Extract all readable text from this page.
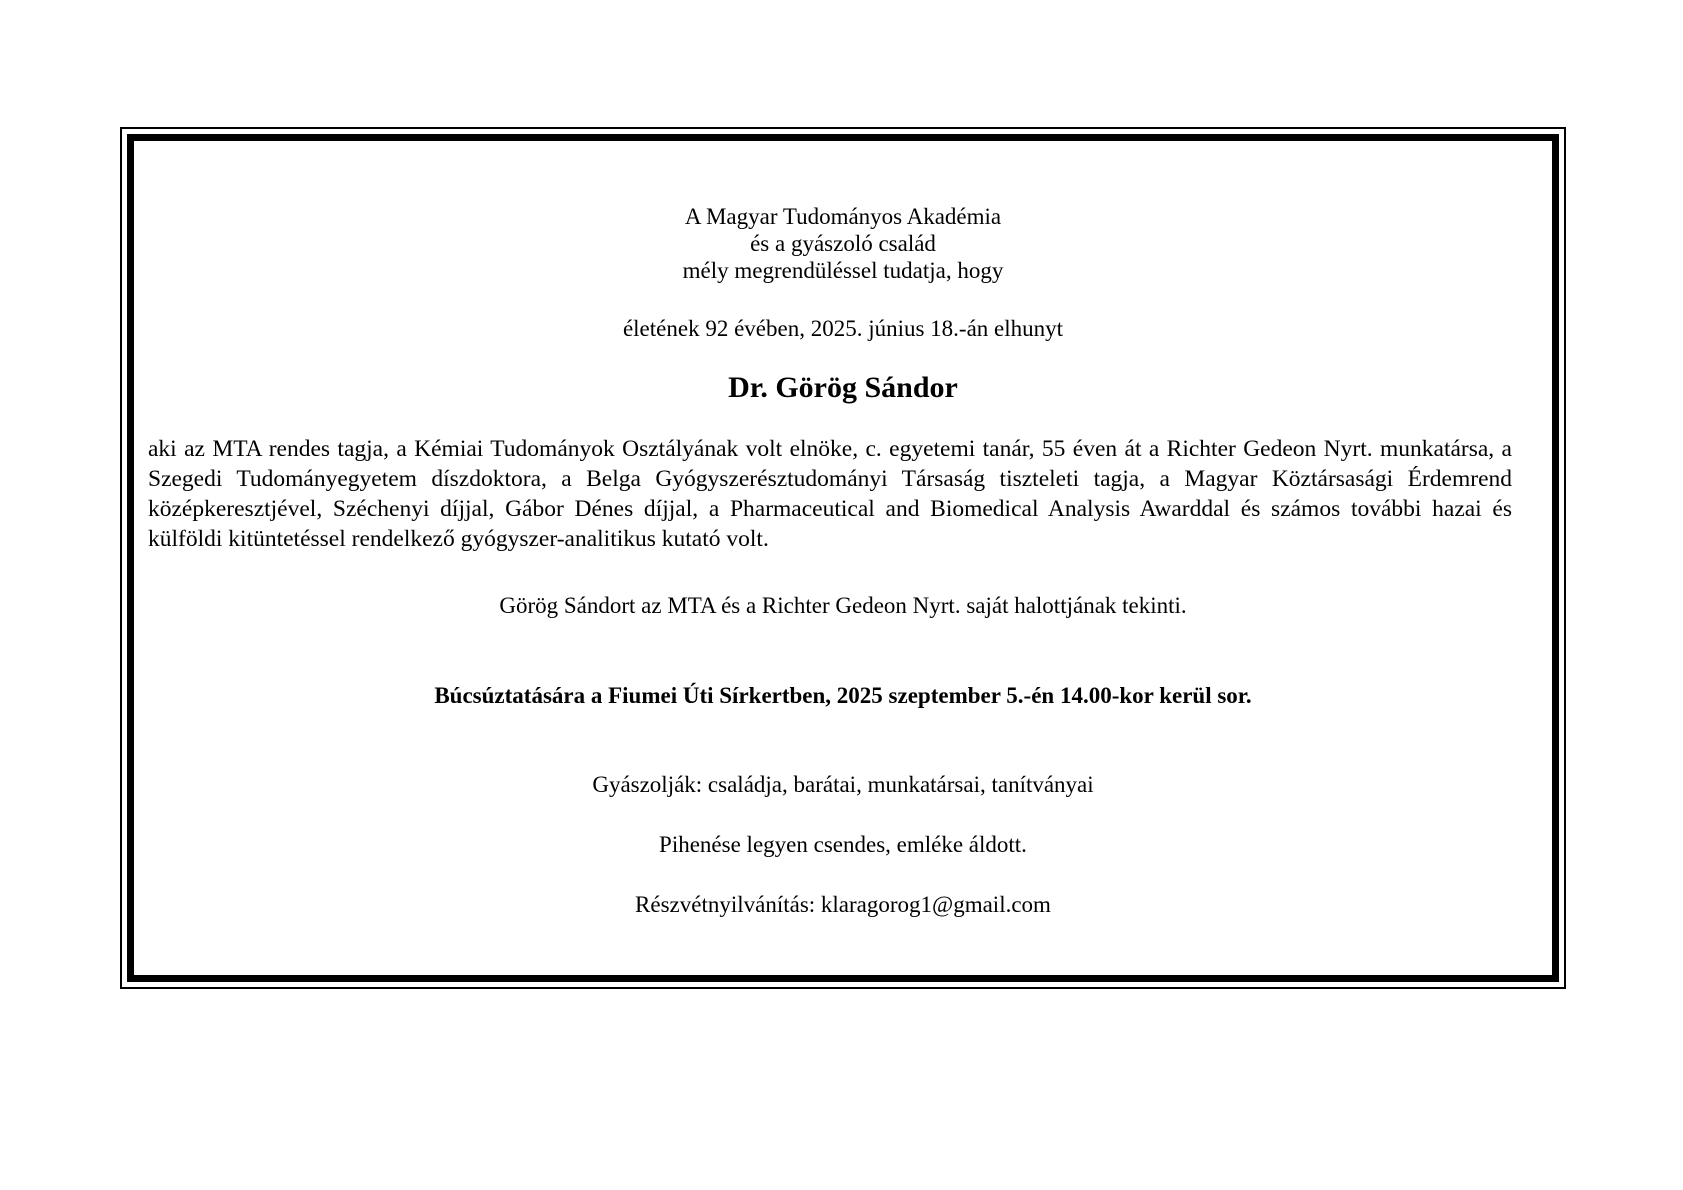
A Magyar Tudományos Akadémia
és a gyászoló család
mély megrendüléssel tudatja, hogy
életének 92 évében, 2025. június 18.-án elhunyt
Dr. Görög Sándor
aki az MTA rendes tagja, a Kémiai Tudományok Osztályának volt elnöke, c. egyetemi tanár, 55 éven át a Richter Gedeon Nyrt. munkatársa, a Szegedi Tudományegyetem díszdoktora, a Belga Gyógyszerésztudományi Társaság tiszteleti tagja, a Magyar Köztársasági Érdemrend középkeresztjével, Széchenyi díjjal, Gábor Dénes díjjal, a Pharmaceutical and Biomedical Analysis Awarddal és számos további hazai és külföldi kitüntetéssel rendelkező gyógyszer-analitikus kutató volt.
Görög Sándort az MTA és a Richter Gedeon Nyrt. saját halottjának tekinti.
Búcsúztatására a Fiumei Úti Sírkertben, 2025 szeptember 5.-én 14.00-kor kerül sor.
Gyászolják: családja, barátai, munkatársai, tanítványai
Pihenése legyen csendes, emléke áldott.
Részvétnyilvánítás: klaragorog1@gmail.com
